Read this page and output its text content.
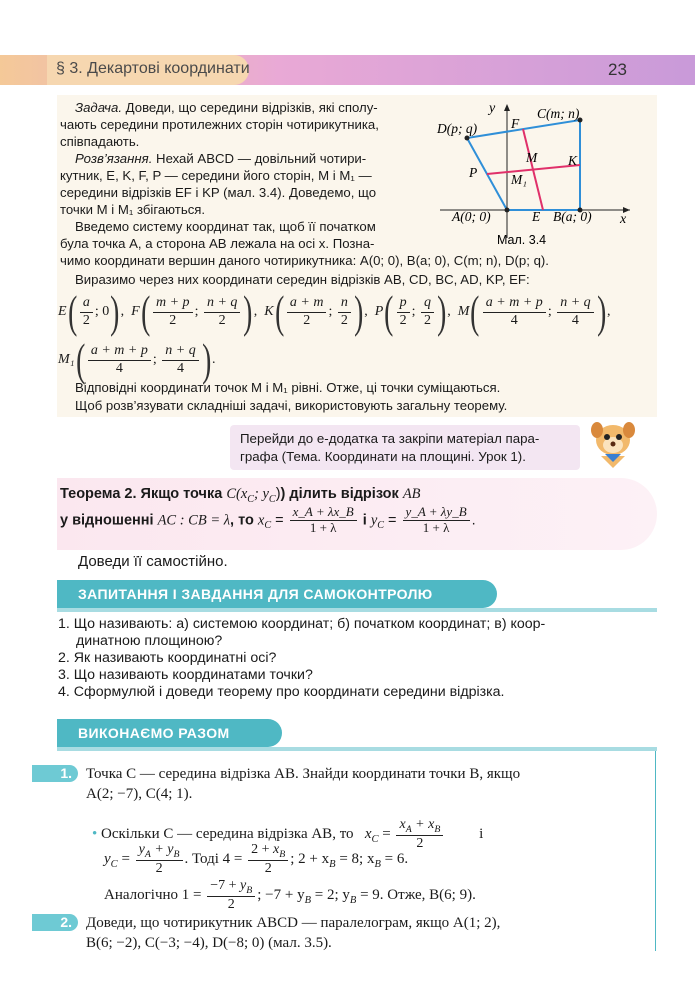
§ 3. Декартові координати	23
Задача. Доведи, що середини відрізків, які сполу-
чають середини протилежних сторін чотирикутника,
співпадають.
Розв’язання. Нехай ABCD — довільний чотири-
кутник, E, K, F, P — середини його сторін, M і M₁ —
середини відрізків EF і KP (мал. 3.4). Доведемо, що
точки M і M₁ збігаються.
Введемо систему координат так, щоб її початком
була точка A, а сторона AB лежала на осі x. Позна-
чимо координати вершин даного чотирикутника: A(0; 0), B(a; 0), C(m; n), D(p; q).
Виразимо через них координати середин відрізків AB, CD, BC, AD, KP, EF:
y
x
C(m; n)
D(p; q)	F
M K
P	M₁
A(0; 0)	E B(a; 0)
Мал. 3.4
$E( \frac{a}{2}$ ; 0),  $F( \frac{m + p}{2}$ ; $\frac{n + q}{2}$ ),  $K( \frac{a + m}{2}$ ; $\frac{n}{2}$ ),  $P( \frac{p}{2}$ ; $\frac{q}{2}$ ),  $M( \frac{a + m + p}{4}$ ; $\frac{n + q}{4}$ ),
$M_1( \frac{a + m + p}{4}$ ; $\frac{n + q}{4}$ ).
Відповідні координати точок M і M₁ рівні. Отже, ці точки суміщаються.
Щоб розв’язувати складніші задачі, використовують загальну теорему.
Перейди до е-додатка та закріпи матеріал пара-графа (Тема. Координати на площині. Урок 1).
Теорема 2. Якщо точка $C(x_C$; $y_C$)) ділить відрізок AB
у відношенні AC : CB = λ, то $x_C = \frac{x\_A + \lambda x\_B}{1 + \lambda}$ і $y_C = \frac{y\_A + \lambda y\_B}{1 + \lambda}$ .
Доведи її самостійно.
ЗАПИТАННЯ І ЗАВДАННЯ ДЛЯ САМОКОНТРОЛЮ
1. Що називають: а) системою координат; б) початком координат; в) коор-
динатною площиною?
2. Як називають координатні осі?
3. Що називають координатами точки?
4. Сформулюй і доведи теорему про координати середини відрізка.
ВИКОНАЄМО РАЗОМ
1. Точка C — середина відрізка AB. Знайди координати точки B, якщо
A(2; −7), C(4; 1).
• Оскільки C — середина відрізка AB, то $x_C = \frac{x_A + x_B}{2}$ і
$y_C = \frac{y_A + y_B}{2}$ . Тоді $4 = \frac{2 + x_B}{2}$ ; $2 + x_B = 8$; $x_B = 6$.
Аналогічно $1 = \frac{-7 + y_B}{2}$ ; $-7 + y_B = 2$; $y_B = 9$. Отже, B(6; 9).
2. Доведи, що чотирикутник ABCD — паралелограм, якщо A(1; 2),
B(6; −2), C(−3; −4), D(−8; 0) (мал. 3.5).
